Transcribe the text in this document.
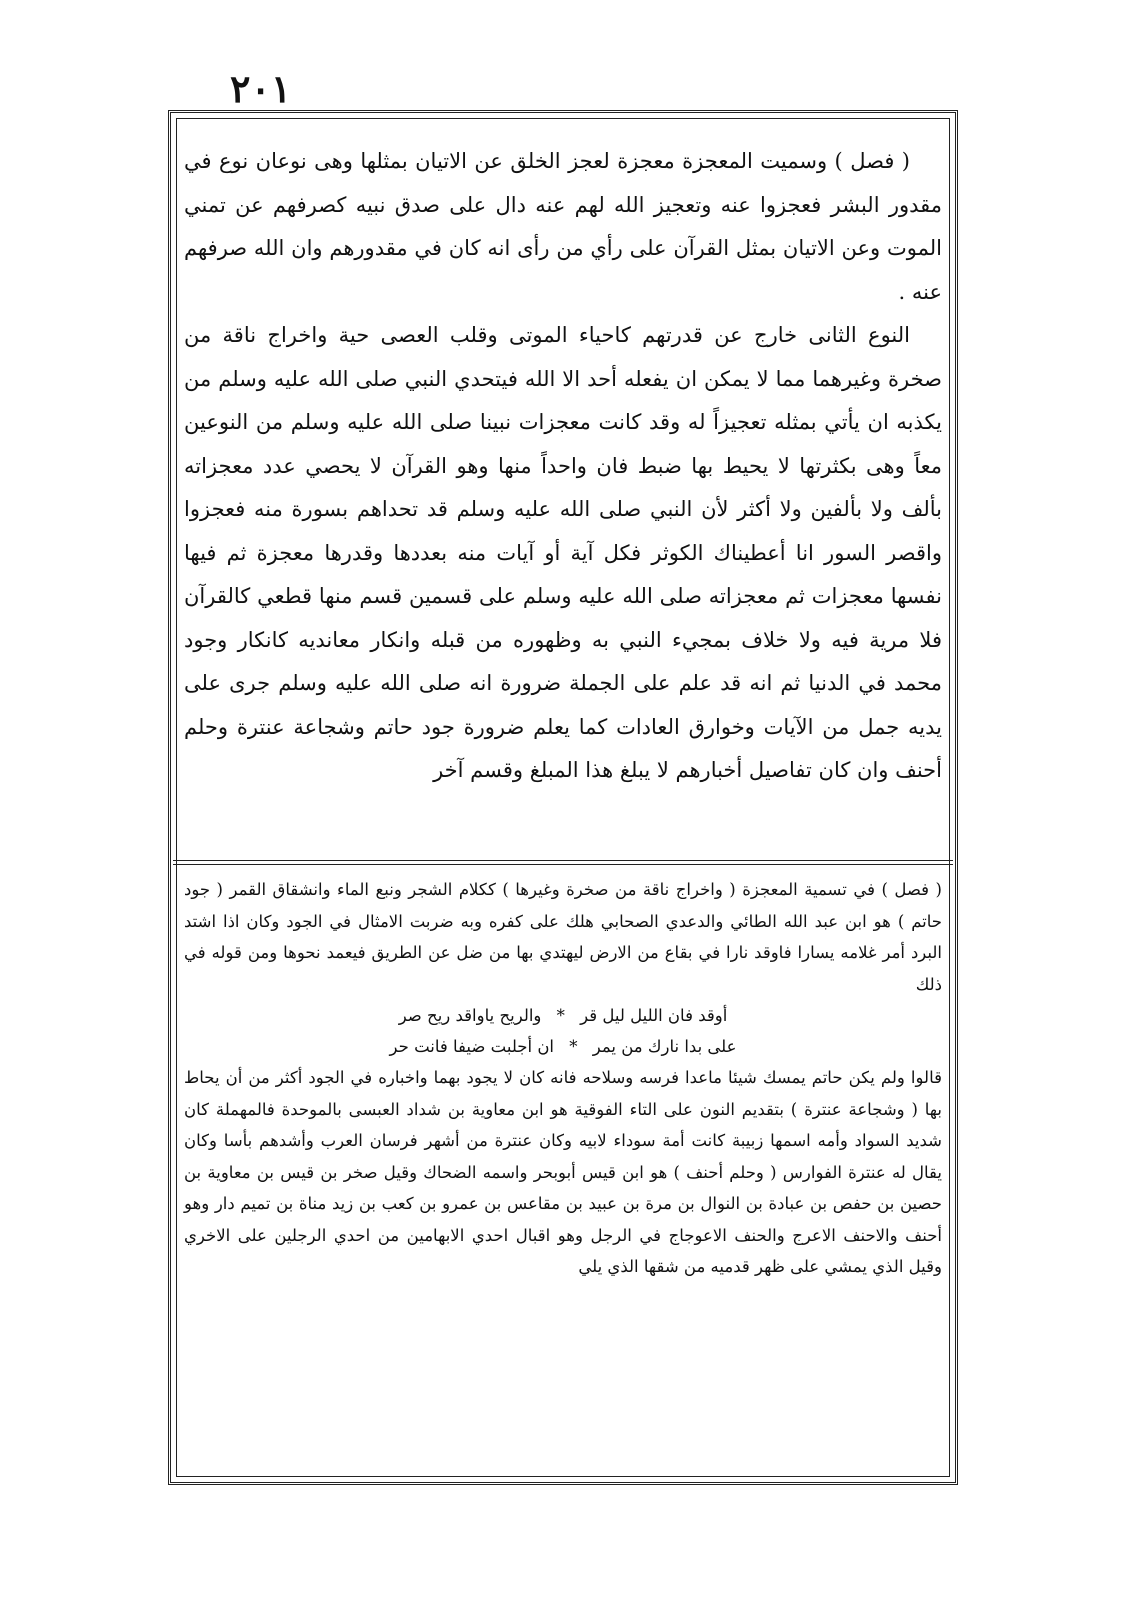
٢٠١

( فصل ) وسميت المعجزة معجزة لعجز الخلق عن الاتيان بمثلها وهى نوعان نوع في مقدور البشر فعجزوا عنه وتعجيز الله لهم عنه دال على صدق نبيه كصرفهم عن تمني الموت وعن الاتيان بمثل القرآن على رأي من رأى انه كان في مقدورهم وان الله صرفهم عنه .

النوع الثانى خارج عن قدرتهم كاحياء الموتى وقلب العصى حية واخراج ناقة من صخرة وغيرهما مما لا يمكن ان يفعله أحد الا الله فيتحدي النبي صلى الله عليه وسلم من يكذبه ان يأتي بمثله تعجيزاً له وقد كانت معجزات نبينا صلى الله عليه وسلم من النوعين معاً وهى بكثرتها لا يحيط بها ضبط فان واحداً منها وهو القرآن لا يحصي عدد معجزاته بألف ولا بألفين ولا أكثر لأن النبي صلى الله عليه وسلم قد تحداهم بسورة منه فعجزوا واقصر السور انا أعطيناك الكوثر فكل آية أو آيات منه بعددها وقدرها معجزة ثم فيها نفسها معجزات ثم معجزاته صلى الله عليه وسلم على قسمين قسم منها قطعي كالقرآن فلا مرية فيه ولا خلاف بمجيء النبي به وظهوره من قبله وانكار معانديه كانكار وجود محمد في الدنيا ثم انه قد علم على الجملة ضرورة انه صلى الله عليه وسلم جرى على يديه جمل من الآيات وخوارق العادات كما يعلم ضرورة جود حاتم وشجاعة عنترة وحلم أحنف وان كان تفاصيل أخبارهم لا يبلغ هذا المبلغ وقسم آخر

( فصل ) في تسمية المعجزة ( واخراج ناقة من صخرة وغيرها ) ككلام الشجر ونبع الماء وانشقاق القمر ( جود حاتم ) هو ابن عبد الله الطائي والدعدي الصحابي هلك على كفره وبه ضربت الامثال في الجود وكان اذا اشتد البرد أمر غلامه يسارا فاوقد نارا في بقاع من الارض ليهتدي بها من ضل عن الطريق فيعمد نحوها ومن قوله في ذلك

أوقد فان الليل ليل قر * والريح ياواقد ريح صر
على بدا نارك من يمر * ان أجلبت ضيفا فانت حر

قالوا ولم يكن حاتم يمسك شيئا ماعدا فرسه وسلاحه فانه كان لا يجود بهما واخباره في الجود أكثر من أن يحاط بها ( وشجاعة عنترة ) بتقديم النون على التاء الفوقية هو ابن معاوية بن شداد العبسى بالموحدة فالمهملة كان شديد السواد وأمه اسمها زبيبة كانت أمة سوداء لابيه وكان عنترة من أشهر فرسان العرب وأشدهم بأسا وكان يقال له عنترة الفوارس ( وحلم أحنف ) هو ابن قيس أبوبحر واسمه الضحاك وقيل صخر بن قيس بن معاوية بن حصين بن حفص بن عبادة بن النوال بن مرة بن عبيد بن مقاعس بن عمرو بن كعب بن زيد مناة بن تميم دار وهو أحنف والاحنف الاعرج والحنف الاعوجاج في الرجل وهو اقبال احدي الابهامين من احدي الرجلين على الاخري وقيل الذي يمشي على ظهر قدميه من شقها الذي يلي
